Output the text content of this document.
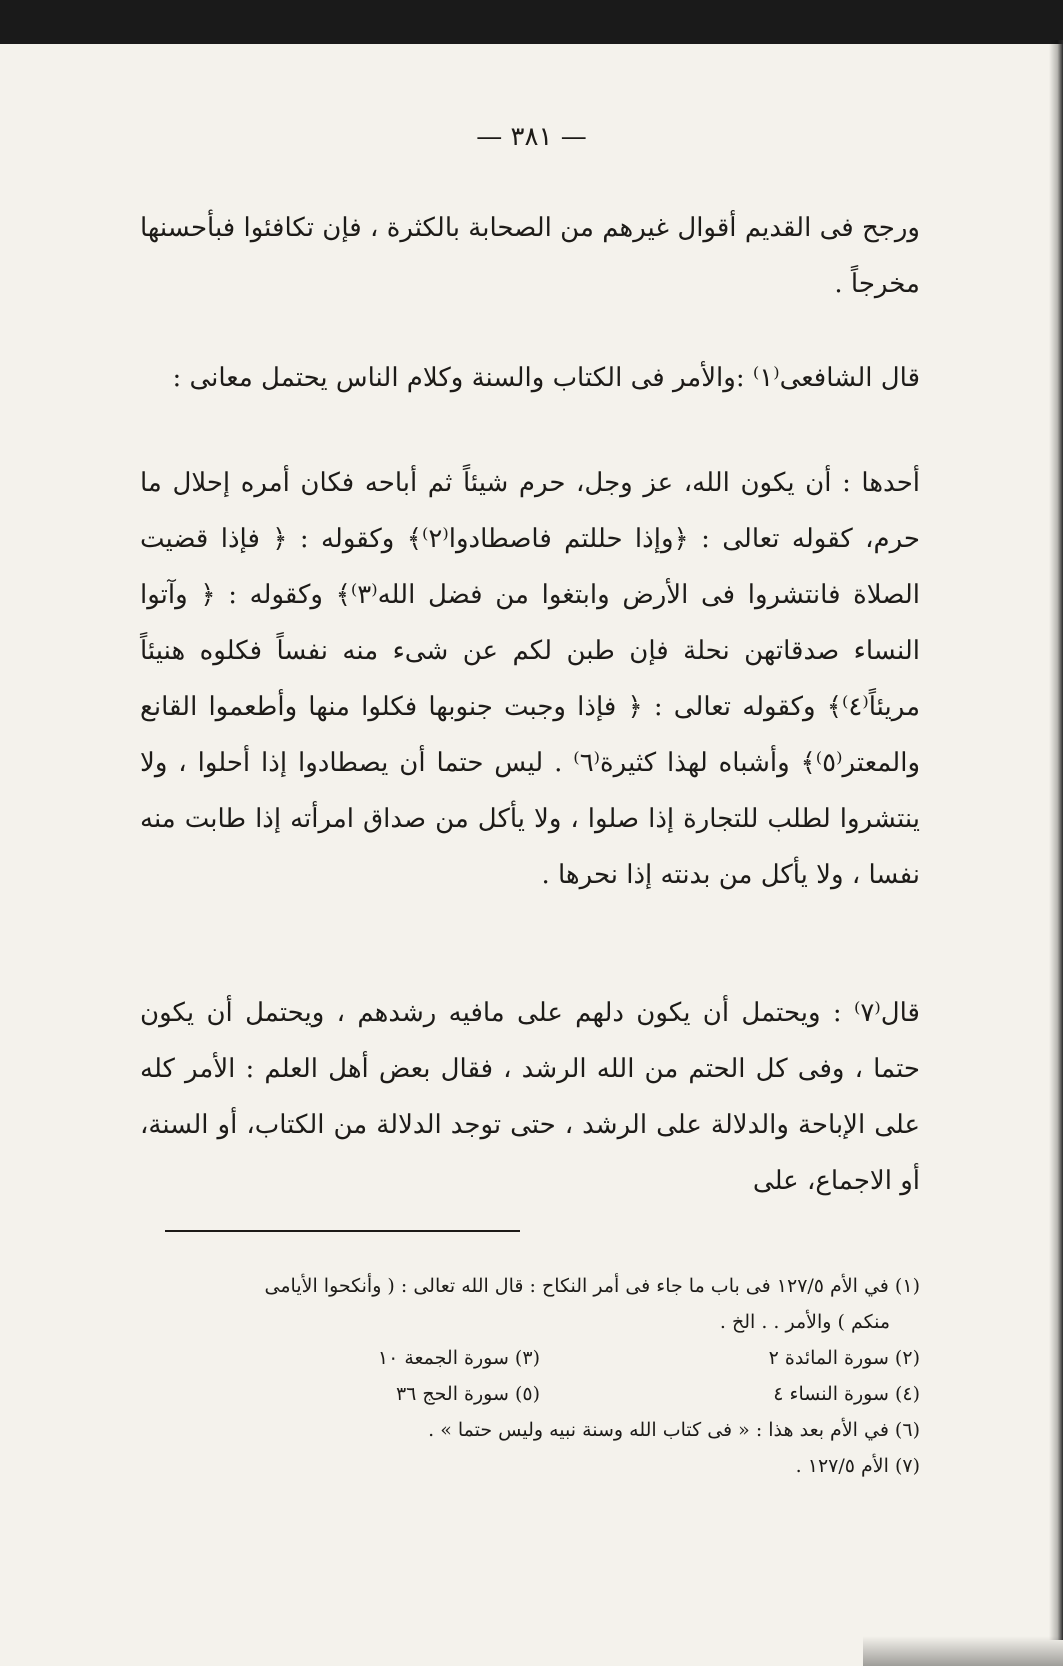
— ٣٨١ —

ورجح فى القديم أقوال غيرهم من الصحابة بالكثرة ، فإن تكافئوا فبأحسنها مخرجاً .

قال الشافعى⁽١⁾ :والأمر فى الكتاب والسنة وكلام الناس يحتمل معانى :

أحدها : أن يكون الله، عز وجل، حرم شيئاً ثم أباحه فكان أمره إحلال ما حرم، كقوله تعالى : ﴿وإذا حللتم فاصطادوا⁽٢⁾﴾ وكقوله : ﴿ فإذا قضيت الصلاة فانتشروا فى الأرض وابتغوا من فضل الله⁽٣⁾﴾ وكقوله : ﴿ وآتوا النساء صدقاتهن نحلة فإن طبن لكم عن شىء منه نفساً فكلوه هنيئاً مريئاً⁽٤⁾﴾ وكقوله تعالى : ﴿ فإذا وجبت جنوبها فكلوا منها وأطعموا القانع والمعتر⁽٥⁾﴾ وأشباه لهذا كثيرة⁽٦⁾ . ليس حتما أن يصطادوا إذا أحلوا ، ولا ينتشروا لطلب للتجارة إذا صلوا ، ولا يأكل من صداق امرأته إذا طابت منه نفسا ، ولا يأكل من بدنته إذا نحرها .

قال⁽٧⁾ : ويحتمل أن يكون دلهم على مافيه رشدهم ، ويحتمل أن يكون حتما ، وفى كل الحتم من الله الرشد ، فقال بعض أهل العلم : الأمر كله على الإباحة والدلالة على الرشد ، حتى توجد الدلالة من الكتاب، أو السنة، أو الاجماع، على

(١) في الأم ١٢٧/٥ فى باب ما جاء فى أمر النكاح : قال الله تعالى : ( وأنكحوا الأيامى

منكم ) والأمر . . الخ .

(٢) سورة المائدة ٢
(٣) سورة الجمعة ١٠
(٤) سورة النساء ٤
(٥) سورة الحج ٣٦

(٦) في الأم بعد هذا : « فى كتاب الله وسنة نبيه وليس حتما » .

(٧) الأم ١٢٧/٥ .
